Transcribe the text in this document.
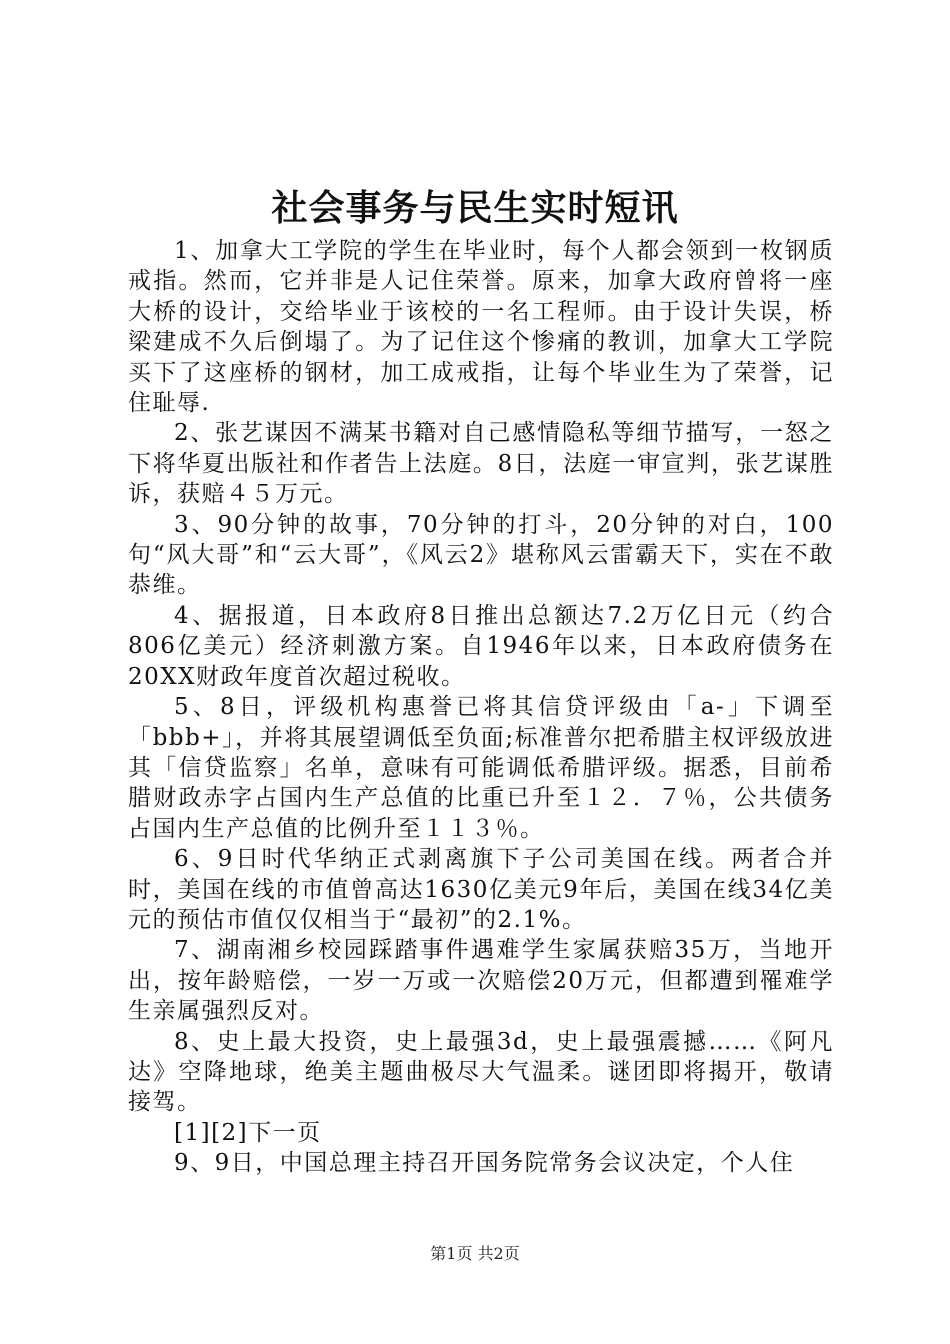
社会事务与民生实时短讯

1、加拿大工学院的学生在毕业时，每个人都会领到一枚钢质戒指。然而，它并非是人记住荣誉。原来，加拿大政府曾将一座大桥的设计，交给毕业于该校的一名工程师。由于设计失误，桥梁建成不久后倒塌了。为了记住这个惨痛的教训，加拿大工学院买下了这座桥的钢材，加工成戒指，让每个毕业生为了荣誉，记住耻辱.

2、张艺谋因不满某书籍对自己感情隐私等细节描写，一怒之下将华夏出版社和作者告上法庭。8日，法庭一审宣判，张艺谋胜诉，获赔４５万元。

3、90分钟的故事，70分钟的打斗，20分钟的对白，100句“风大哥”和“云大哥”，《风云2》堪称风云雷霸天下，实在不敢恭维。

4、据报道，日本政府8日推出总额达7.2万亿日元（约合806亿美元）经济刺激方案。自1946年以来，日本政府债务在20XX财政年度首次超过税收。

5、8日，评级机构惠誉已将其信贷评级由「a-」下调至「bbb+」，并将其展望调低至负面;标准普尔把希腊主权评级放进其「信贷监察」名单，意味有可能调低希腊评级。据悉，目前希腊财政赤字占国内生产总值的比重已升至１２．７％，公共债务占国内生产总值的比例升至１１３％。

6、9日时代华纳正式剥离旗下子公司美国在线。两者合并时，美国在线的市值曾高达1630亿美元9年后，美国在线34亿美元的预估市值仅仅相当于“最初”的2.1%。

7、湖南湘乡校园踩踏事件遇难学生家属获赔35万，当地开出，按年龄赔偿，一岁一万或一次赔偿20万元，但都遭到罹难学生亲属强烈反对。

8、史上最大投资，史上最强3d，史上最强震撼……《阿凡达》空降地球，绝美主题曲极尽大气温柔。谜团即将揭开，敬请接驾。

[1][2]下一页

9、9日，中国总理主持召开国务院常务会议决定，个人住

第1页 共2页
